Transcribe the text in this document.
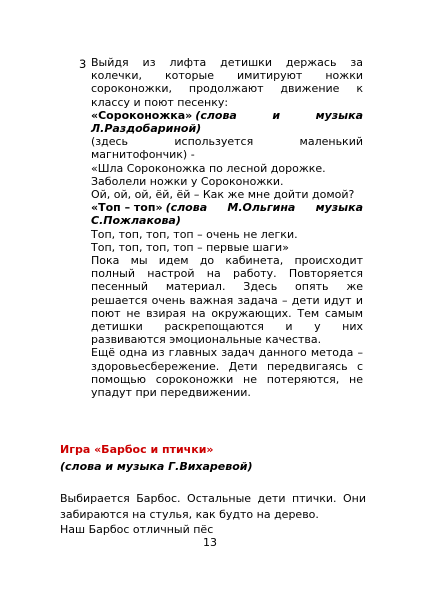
3 Выйдя из лифта детишки держась за
колечки, которые имитируют ножки
сороконожки, продолжают движение к
классу и поют песенку:
«Сороконожка» (слова и музыка
Л.Раздобариной)
(здесь используется маленький
магнитофончик) -
«Шла Сороконожка по лесной дорожке.
Заболели ножки у Сороконожки.
Ой, ой, ой, ёй, ёй – Как же мне дойти домой?
«Топ – топ» (слова М.Ольгина музыка
С.Пожлакова)
Топ, топ, топ, топ – очень не легки.
Топ, топ, топ, топ – первые шаги»
Пока мы идем до кабинета, происходит
полный настрой на работу. Повторяется
песенный материал. Здесь опять же
решается очень важная задача – дети идут и
поют не взирая на окружающих. Тем самым
детишки раскрепощаются и у них
развиваются эмоциональные качества.
Ещё одна из главных задач данного метода –
здоровьесбережение. Дети передвигаясь с
помощью сороконожки не потеряются, не
упадут при передвижении.
Игра «Барбос и птички»
(слова и музыка Г.Вихаревой)
Выбирается Барбос. Остальные дети птички. Они
забираются на стулья, как будто на дерево.
Наш Барбос отличный пёс
13
